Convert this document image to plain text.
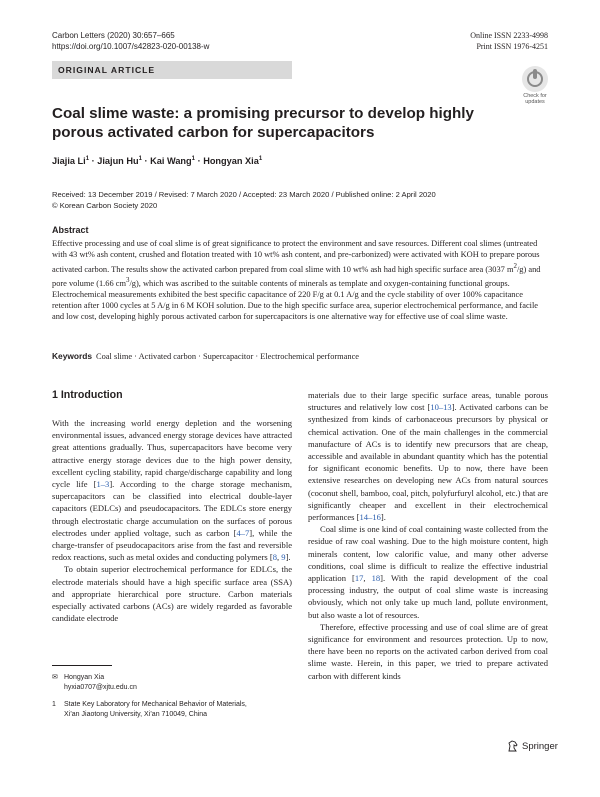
Carbon Letters (2020) 30:657–665
https://doi.org/10.1007/s42823-020-00138-w
Online ISSN 2233-4998
Print ISSN 1976-4251
ORIGINAL ARTICLE
Check for updates
Coal slime waste: a promising precursor to develop highly porous activated carbon for supercapacitors
Jiajia $Li^1$ · Jiajun $Hu^1$ · Kai Wang$^1$ · Hongyan Xia$^1$
Received: 13 December 2019 / Revised: 7 March 2020 / Accepted: 23 March 2020 / Published online: 2 April 2020
© Korean Carbon Society 2020
Abstract
Effective processing and use of coal slime is of great significance to protect the environment and save resources. Different coal slimes (untreated with 43 wt% ash content, crushed and flotation treated with 10 wt% ash content, and pre-carbonized) were activated with KOH to prepare porous activated carbon. The results show the activated carbon prepared from coal slime with 10 wt% ash had high specific surface area (3037 $m^2/g$) and pore volume (1.66 $cm^3/g$), which was ascribed to the suitable contents of minerals as template and oxygen-containing functional groups. Electrochemical measurements exhibited the best specific capacitance of 220 F/g at 0.1 A/g and the cycle stability of over 100% capacitance retention after 1000 cycles at 5 A/g in 6 M KOH solution. Due to the high specific surface area, superior electrochemical performance, and facile and low cost, developing highly porous activated carbon for supercapacitors is one alternative way for effective use of coal slime waste.
Keywords Coal slime · Activated carbon · Supercapacitor · Electrochemical performance
1 Introduction

With the increasing world energy depletion and the worsening environmental issues, advanced energy storage devices have attracted great attentions gradually. Thus, supercapacitors have become very attractive energy storage devices due to the high power density, excellent cycling stability, rapid charge/discharge capability and long cycle life [1–3]. According to the charge storage mechanism, supercapacitors can be classified into electrical double-layer capacitors (EDLCs) and pseudocapacitors. The EDLCs store energy through electrostatic charge accumulation on the surfaces of porous electrodes under applied voltage, such as carbon [4–7], while the charge-transfer of pseudocapacitors arise from the fast and reversible redox reactions, such as metal oxides and conducting polymers [8, 9].

To obtain superior electrochemical performance for EDLCs, the electrode materials should have a high specific surface area (SSA) and appropriate hierarchical pore structure. Carbon materials especially activated carbons (ACs) are widely regarded as favorable candidate electrode

materials due to their large specific surface areas, tunable porous structures and relatively low cost [10–13]. Activated carbons can be synthesized from kinds of carbonaceous precursors by physical or chemical activation. One of the main challenges in the commercial manufacture of ACs is to identify new precursors that are cheap, accessible and available in abundant quantity which has the potential for significant economic benefits. Up to now, there have been extensive researches on developing new ACs from natural sources (coconut shell, bamboo, coal, pitch, polyfurfuryl alcohol, etc.) that are significantly cheaper and excellent in their electrochemical performances [14–16].

Coal slime is one kind of coal containing waste collected from the residue of raw coal washing. Due to the high moisture content, high minerals content, low calorific value, and many other adverse conditions, coal slime is difficult to realize the effective industrial application [17, 18]. With the rapid development of the coal processing industry, the output of coal slime waste is increasing obviously, which not only take up much land, pollute environment, but also waste a lot of resources.

Therefore, effective processing and use of coal slime are of great significance for environment and resources protection. Up to now, there have been no reports on the activated carbon derived from coal slime waste. Herein, in this paper, we tried to prepare activated carbon with different kinds

✉ Hongyan Xia
hyxia0707@xjtu.edu.cn
1 State Key Laboratory for Mechanical Behavior of Materials,
Xi’an Jiaotong University, Xi’an 710049, China
Springer
